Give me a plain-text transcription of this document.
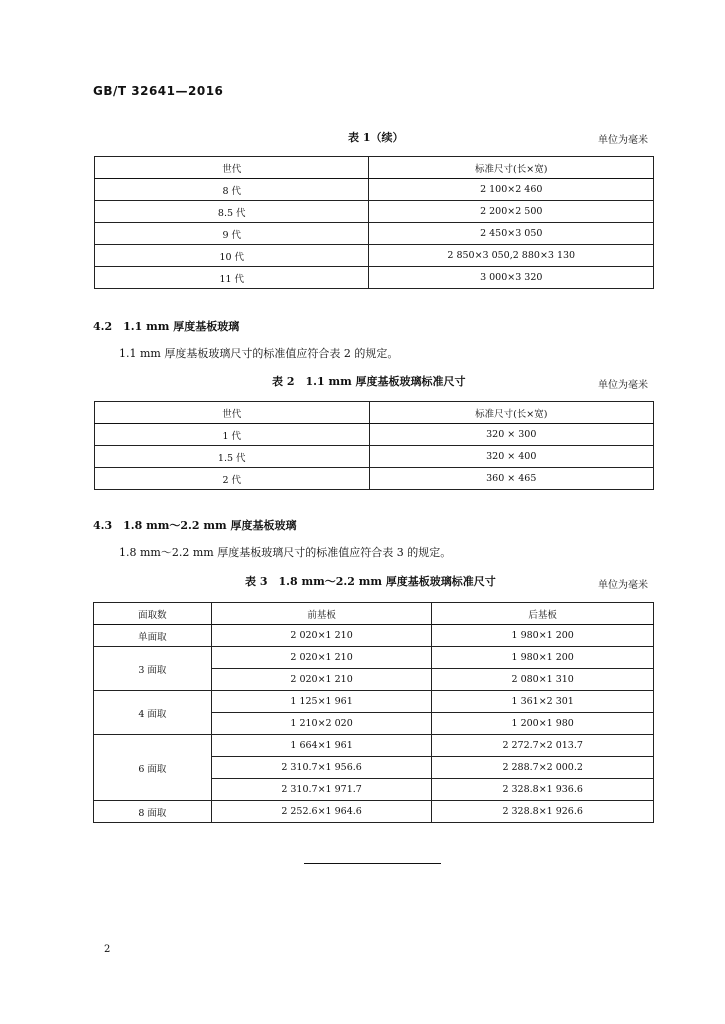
GB/T 32641—2016
表 1（续）	单位为毫米
世代	标准尺寸(长×宽)
8 代	2 100×2 460
8.5 代	2 200×2 500
9 代	2 450×3 050
10 代	2 850×3 050,2 880×3 130
11 代	3 000×3 320
4.2　1.1 mm 厚度基板玻璃
1.1 mm 厚度基板玻璃尺寸的标准值应符合表 2 的规定。
表 2　1.1 mm 厚度基板玻璃标准尺寸	单位为毫米
世代	标准尺寸(长×宽)
1 代	320 × 300
1.5 代	320 × 400
2 代	360 × 465
4.3　1.8 mm～2.2 mm 厚度基板玻璃
1.8 mm～2.2 mm 厚度基板玻璃尺寸的标准值应符合表 3 的规定。
表 3　1.8 mm～2.2 mm 厚度基板玻璃标准尺寸	单位为毫米
面取数	前基板	后基板
单面取	2 020×1 210	1 980×1 200
3 面取	2 020×1 210	1 980×1 200
	2 020×1 210	2 080×1 310
4 面取	1 125×1 961	1 361×2 301
	1 210×2 020	1 200×1 980
6 面取	1 664×1 961	2 272.7×2 013.7
	2 310.7×1 956.6	2 288.7×2 000.2
	2 310.7×1 971.7	2 328.8×1 936.6
8 面取	2 252.6×1 964.6	2 328.8×1 926.6
2
